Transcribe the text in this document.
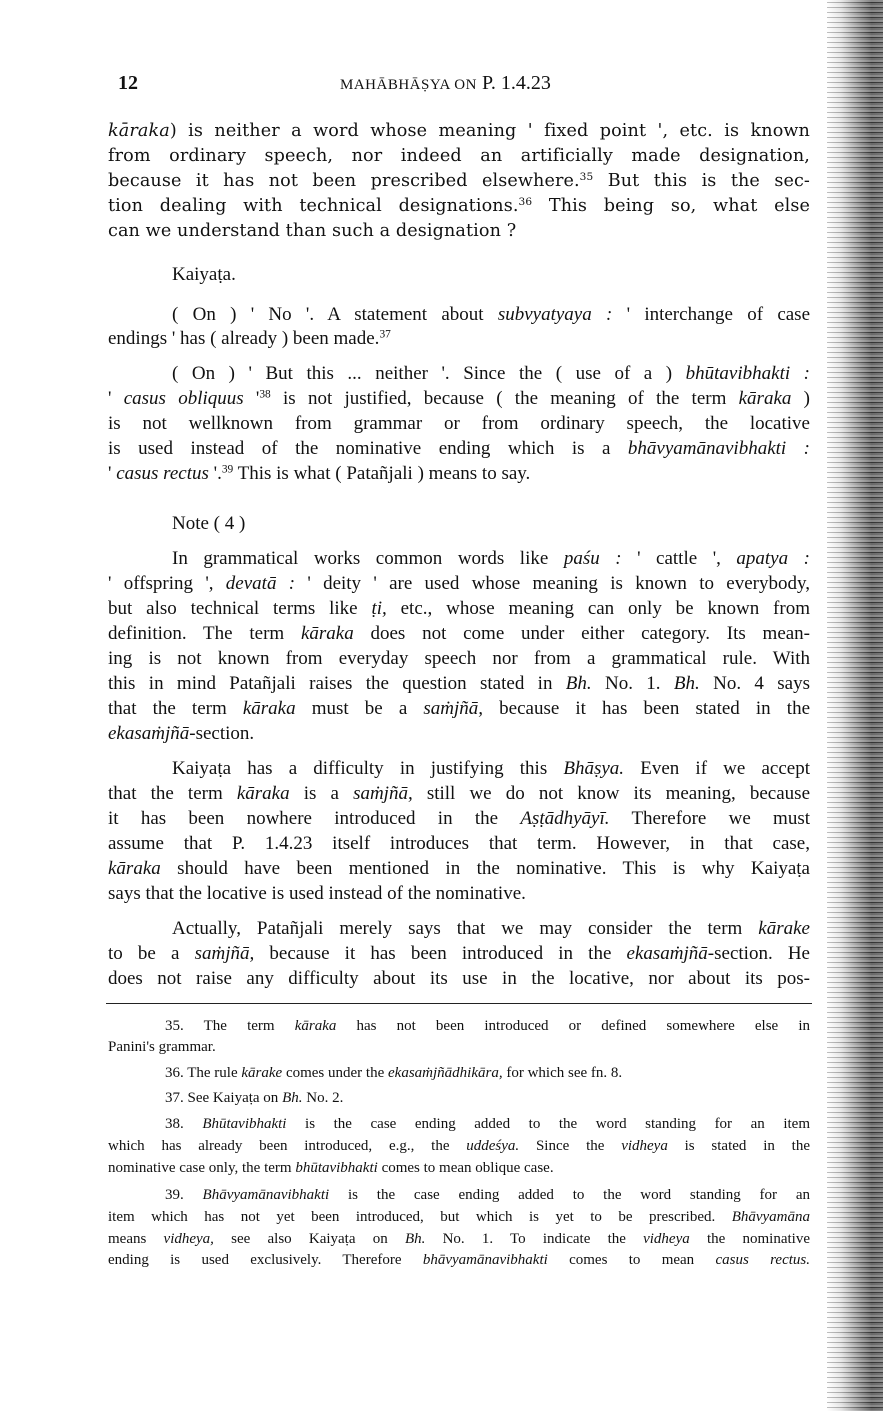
12	MAHĀBHĀṢYA ON P. 1.4.23
kāraka) is neither a word whose meaning ' fixed point ', etc. is known
from ordinary speech, nor indeed an artificially made designation,
because it has not been prescribed elsewhere.$^{35}$ But this is the sec-
tion dealing with technical designations.$^{36}$ This being so, what else
can we understand than such a designation ?
Kaiyaṭa.
( On ) ' No '. A statement about subvyatyaya : ' interchange of case
endings ' has ( already ) been made.$^{37}$
( On ) ' But this ... neither '. Since the ( use of a ) bhūtavibhakti :
' casus obliquus '$^{38}$ is not justified, because ( the meaning of the term kāraka )
is not wellknown from grammar or from ordinary speech, the locative
is used instead of the nominative ending which is a bhāvyamānavibhakti :
' casus rectus '.$^{39}$ This is what ( Patañjali ) means to say.
Note ( 4 )
In grammatical works common words like paśu : ' cattle ', apatya :
' offspring ', devatā : ' deity ' are used whose meaning is known to everybody,
but also technical terms like ṭi, etc., whose meaning can only be known from
definition. The term kāraka does not come under either category. Its mean-
ing is not known from everyday speech nor from a grammatical rule. With
this in mind Patañjali raises the question stated in Bh. No. 1. Bh. No. 4 says
that the term kāraka must be a saṁjñā, because it has been stated in the
ekasaṁjñā-section.
Kaiyaṭa has a difficulty in justifying this Bhāṣya. Even if we accept
that the term kāraka is a saṁjñā, still we do not know its meaning, because
it has been nowhere introduced in the Aṣṭādhyāyī. Therefore we must
assume that P. 1.4.23 itself introduces that term. However, in that case,
kāraka should have been mentioned in the nominative. This is why Kaiyaṭa
says that the locative is used instead of the nominative.
Actually, Patañjali merely says that we may consider the term kārake
to be a saṁjñā, because it has been introduced in the ekasaṁjñā-section. He
does not raise any difficulty about its use in the locative, nor about its pos-
35. The term kāraka has not been introduced or defined somewhere else in
Panini's grammar.
36. The rule kārake comes under the ekasaṁjñādhikāra, for which see fn. 8.
37. See Kaiyaṭa on Bh. No. 2.
38. Bhūtavibhakti is the case ending added to the word standing for an item
which has already been introduced, e.g., the uddeśya. Since the vidheya is stated in the
nominative case only, the term bhūtavibhakti comes to mean oblique case.
39. Bhāvyamānavibhakti is the case ending added to the word standing for an
item which has not yet been introduced, but which is yet to be prescribed. Bhāvyamāna
means vidheya, see also Kaiyaṭa on Bh. No. 1. To indicate the vidheya the nominative
ending is used exclusively. Therefore bhāvyamānavibhakti comes to mean casus rectus.
